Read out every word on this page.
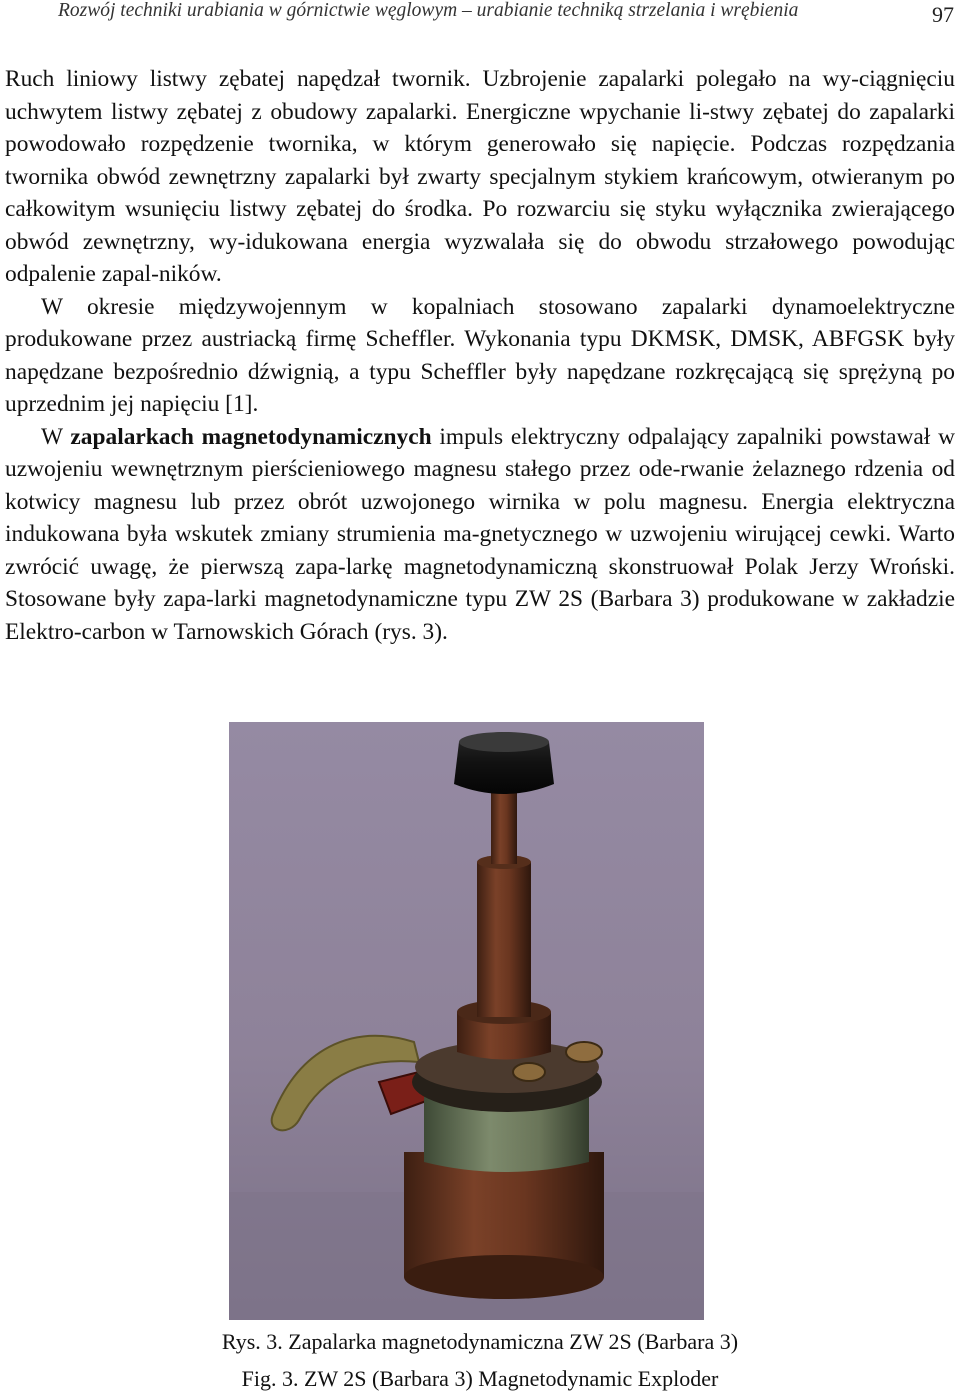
Rozwój techniki urabiania w górnictwie węglowym – urabianie techniką strzelania i wrębienia	97

Ruch liniowy listwy zębatej napędzał twornik. Uzbrojenie zapalarki polegało na wy-ciągnięciu uchwytem listwy zębatej z obudowy zapalarki. Energiczne wpychanie li-stwy zębatej do zapalarki powodowało rozpędzenie twornika, w którym generowało się napięcie. Podczas rozpędzania twornika obwód zewnętrzny zapalarki był zwarty specjalnym stykiem krańcowym, otwieranym po całkowitym wsunięciu listwy zębatej do środka. Po rozwarciu się styku wyłącznika zwierającego obwód zewnętrzny, wy-idukowana energia wyzwalała się do obwodu strzałowego powodując odpalenie zapal-ników.

W okresie międzywojennym w kopalniach stosowano zapalarki dynamoelektryczne produkowane przez austriacką firmę Scheffler. Wykonania typu DKMSK, DMSK, ABFGSK były napędzane bezpośrednio dźwignią, a typu Scheffler były napędzane rozkręcającą się sprężyną po uprzednim jej napięciu [1].

W zapalarkach magnetodynamicznych impuls elektryczny odpalający zapalniki powstawał w uzwojeniu wewnętrznym pierścieniowego magnesu stałego przez ode-rwanie żelaznego rdzenia od kotwicy magnesu lub przez obrót uzwojonego wirnika w polu magnesu. Energia elektryczna indukowana była wskutek zmiany strumienia ma-gnetycznego w uzwojeniu wirującej cewki. Warto zwrócić uwagę, że pierwszą zapa-larkę magnetodynamiczną skonstruował Polak Jerzy Wroński. Stosowane były zapa-larki magnetodynamiczne typu ZW 2S (Barbara 3) produkowane w zakładzie Elektro-carbon w Tarnowskich Górach (rys. 3).

Rys. 3. Zapalarka magnetodynamiczna ZW 2S (Barbara 3)
Fig. 3. ZW 2S (Barbara 3) Magnetodynamic Exploder
